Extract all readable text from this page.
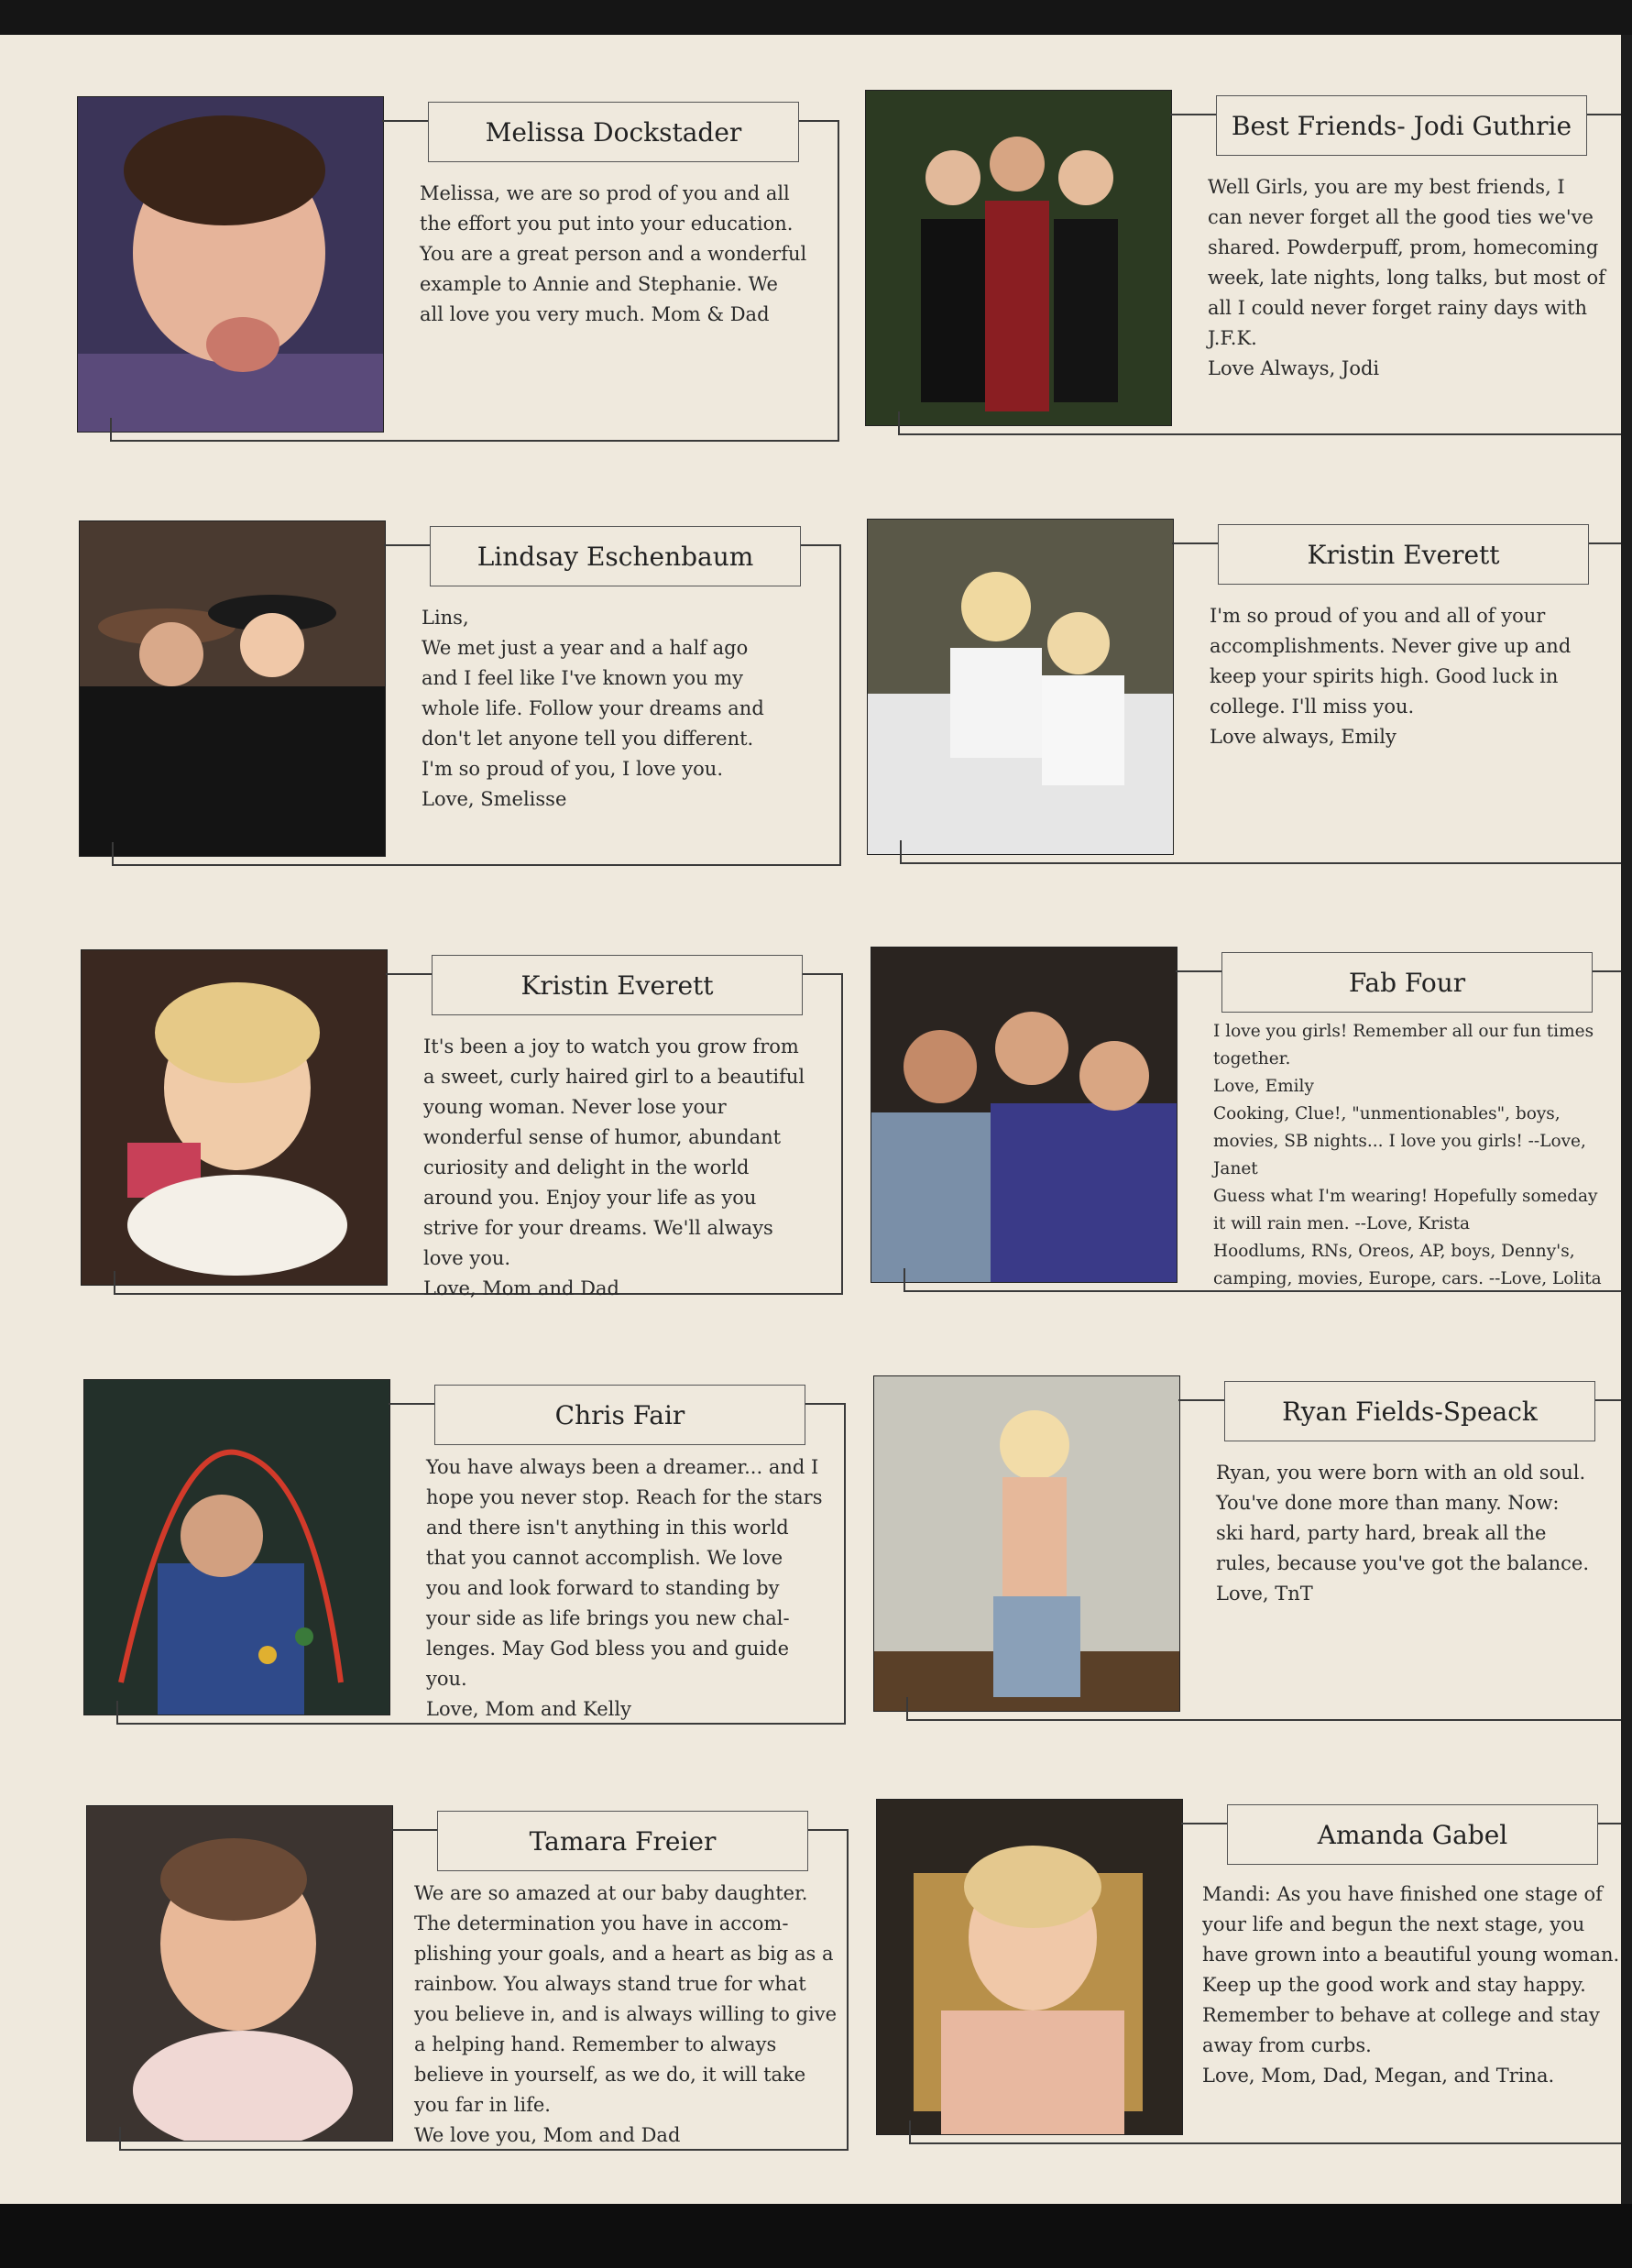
Melissa Dockstader
Melissa, we are so prod of you and all
the effort you put into your education.
You are a great person and a wonderful
example to Annie and Stephanie. We
all love you very much. Mom & Dad
Best Friends- Jodi Guthrie
Well Girls, you are my best friends, I
can never forget all the good ties we've
shared. Powderpuff, prom, homecoming
week, late nights, long talks, but most of
all I could never forget rainy days with
J.F.K.
Love Always, Jodi
Lindsay Eschenbaum
Lins,
We met just a year and a half ago
and I feel like I've known you my
whole life. Follow your dreams and
don't let anyone tell you different.
I'm so proud of you, I love you.
Love, Smelisse
Kristin Everett
I'm so proud of you and all of your
accomplishments. Never give up and
keep your spirits high. Good luck in
college. I'll miss you.
Love always, Emily
Kristin Everett
It's been a joy to watch you grow from
a sweet, curly haired girl to a beautiful
young woman. Never lose your
wonderful sense of humor, abundant
curiosity and delight in the world
around you. Enjoy your life as you
strive for your dreams. We'll always
love you.
Love, Mom and Dad
Fab Four
I love you girls! Remember all our fun times
together.
Love, Emily
Cooking, Clue!, "unmentionables", boys,
movies, SB nights... I love you girls! --Love,
Janet
Guess what I'm wearing! Hopefully someday
it will rain men. --Love, Krista
Hoodlums, RNs, Oreos, AP, boys, Denny's,
camping, movies, Europe, cars. --Love, Lolita
Chris Fair
You have always been a dreamer... and I
hope you never stop. Reach for the stars
and there isn't anything in this world
that you cannot accomplish. We love
you and look forward to standing by
your side as life brings you new chal-
lenges. May God bless you and guide
you.
Love, Mom and Kelly
Ryan Fields-Speack
Ryan, you were born with an old soul.
You've done more than many. Now:
ski hard, party hard, break all the
rules, because you've got the balance.
Love, TnT
Tamara Freier
We are so amazed at our baby daughter.
The determination you have in accom-
plishing your goals, and a heart as big as a
rainbow. You always stand true for what
you believe in, and is always willing to give
a helping hand. Remember to always
believe in yourself, as we do, it will take
you far in life.
We love you, Mom and Dad
Amanda Gabel
Mandi: As you have finished one stage of
your life and begun the next stage, you
have grown into a beautiful young woman.
Keep up the good work and stay happy.
Remember to behave at college and stay
away from curbs.
Love, Mom, Dad, Megan, and Trina.
